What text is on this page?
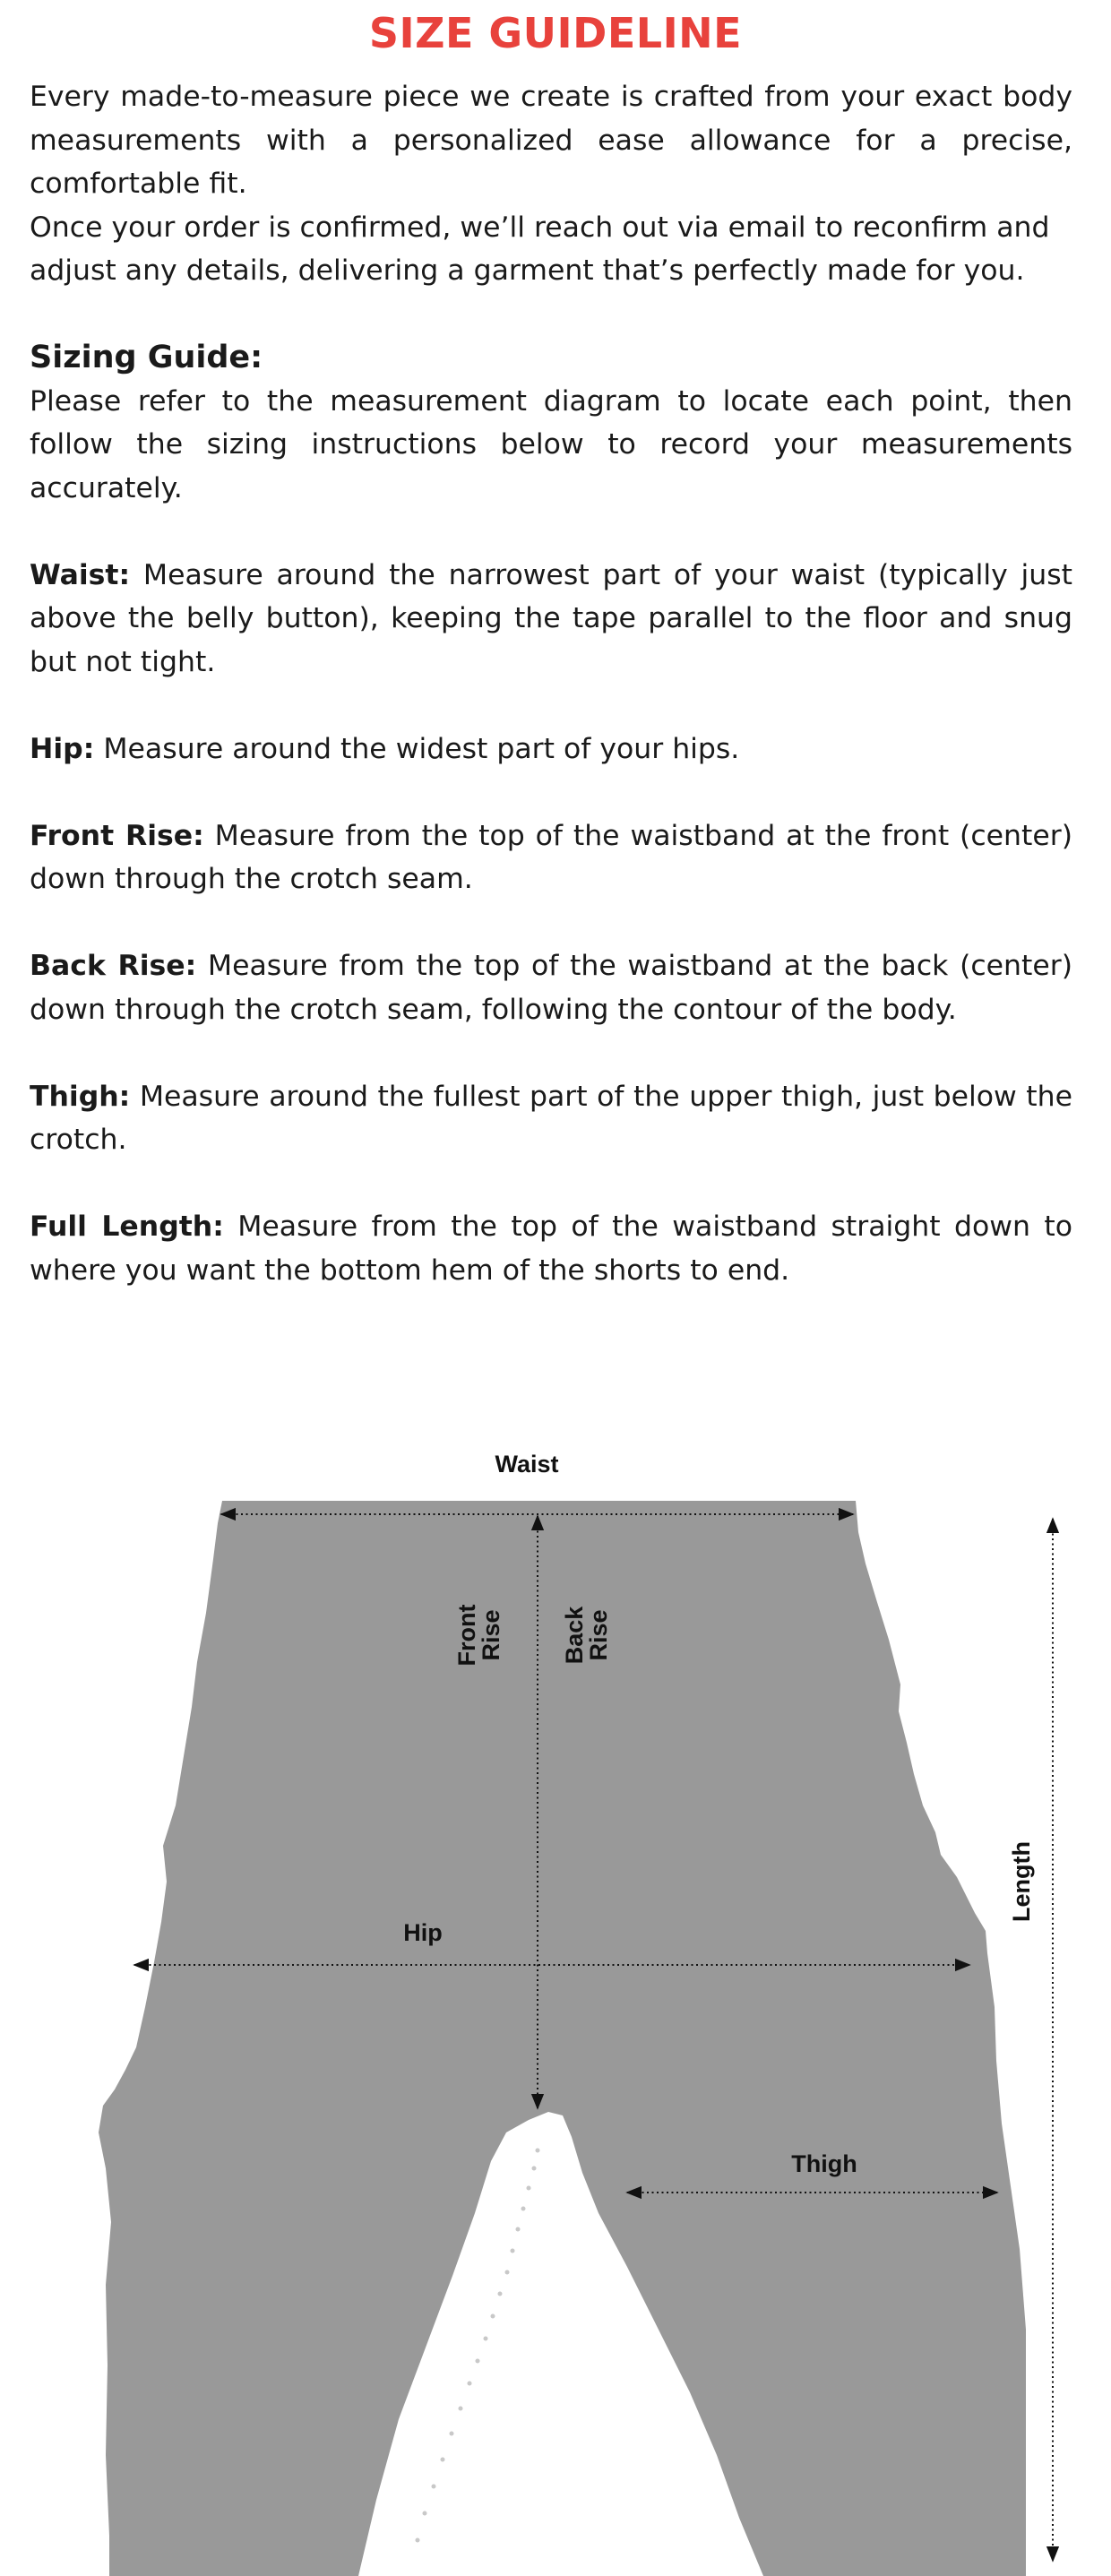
SIZE GUIDELINE

Every made-to-measure piece we create is crafted from your exact body measurements with a personalized ease allowance for a precise, comfortable fit.

Once your order is confirmed, we’ll reach out via email to reconfirm and adjust any details, delivering a garment that’s perfectly made for you.

Sizing Guide:

Please refer to the measurement diagram to locate each point, then follow the sizing instructions below to record your measurements accurately.

Waist: Measure around the narrowest part of your waist (typically just above the belly button), keeping the tape parallel to the floor and snug but not tight.

Hip: Measure around the widest part of your hips.

Front Rise: Measure from the top of the waistband at the front (center) down through the crotch seam.

Back Rise: Measure from the top of the waistband at the back (center) down through the crotch seam, following the contour of the body.

Thigh: Measure around the fullest part of the upper thigh, just below the crotch.

Full Length: Measure from the top of the waistband straight down to where you want the bottom hem of the shorts to end.

Waist
Front
Rise Back
Rise
Hip
Thigh
Length
